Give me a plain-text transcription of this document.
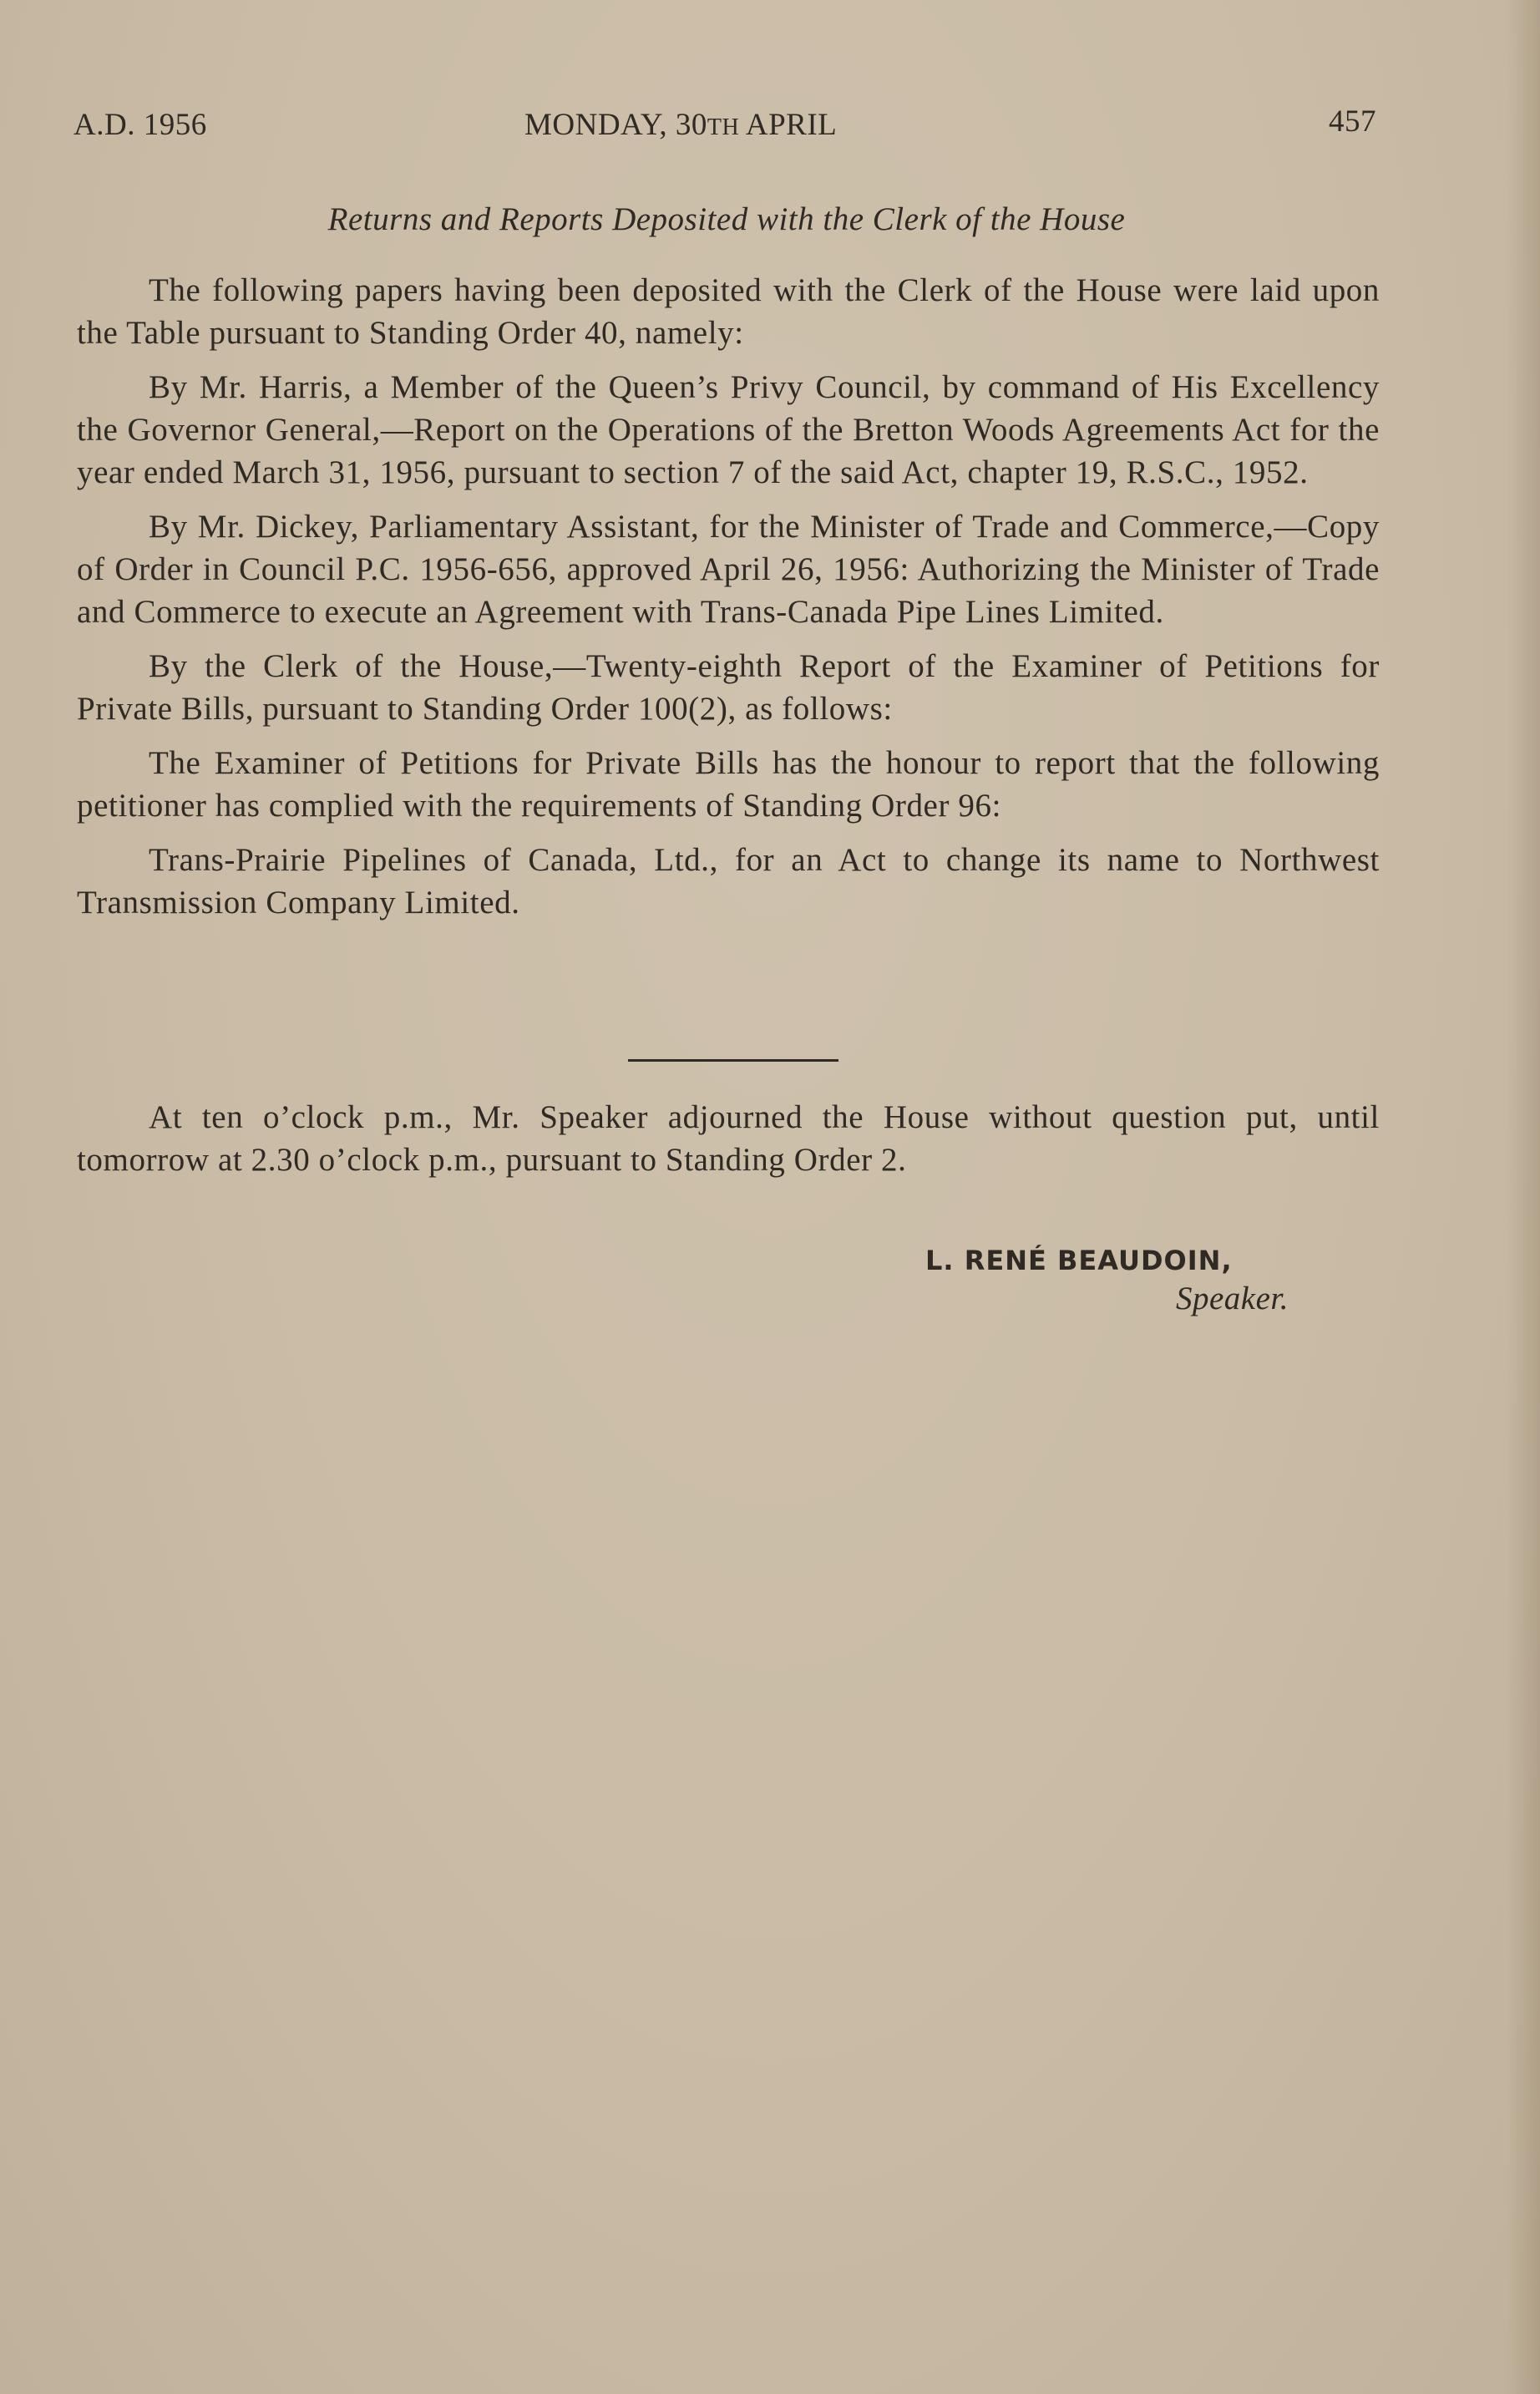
A.D. 1956	MONDAY, 30TH APRIL	457
Returns and Reports Deposited with the Clerk of the House

The following papers having been deposited with the Clerk of the House were laid upon the Table pursuant to Standing Order 40, namely:

By Mr. Harris, a Member of the Queen’s Privy Council, by command of His Excellency the Governor General,—Report on the Operations of the Bretton Woods Agreements Act for the year ended March 31, 1956, pursuant to section 7 of the said Act, chapter 19, R.S.C., 1952.

By Mr. Dickey, Parliamentary Assistant, for the Minister of Trade and Commerce,—Copy of Order in Council P.C. 1956-656, approved April 26, 1956: Authorizing the Minister of Trade and Commerce to execute an Agreement with Trans-Canada Pipe Lines Limited.

By the Clerk of the House,—Twenty-eighth Report of the Examiner of Petitions for Private Bills, pursuant to Standing Order 100(2), as follows:

The Examiner of Petitions for Private Bills has the honour to report that the following petitioner has complied with the requirements of Standing Order 96:

Trans-Prairie Pipelines of Canada, Ltd., for an Act to change its name to Northwest Transmission Company Limited.

At ten o’clock p.m., Mr. Speaker adjourned the House without question put, until tomorrow at 2.30 o’clock p.m., pursuant to Standing Order 2.

L. RENÉ BEAUDOIN,
Speaker.
